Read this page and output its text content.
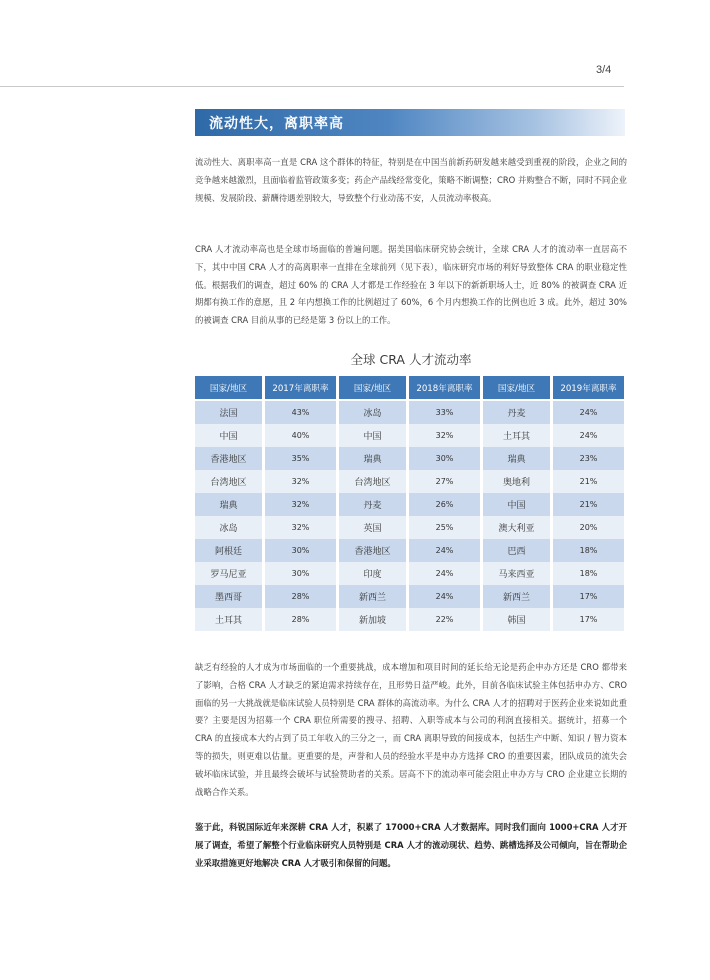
3/4
流动性大，离职率高

流动性大、离职率高一直是 CRA 这个群体的特征，特别是在中国当前新药研发越来越受到重视的阶段，企业之间的竞争越来越激烈，且面临着监管政策多变；药企产品线经常变化，策略不断调整；CRO 并购整合不断，同时不同企业规模、发展阶段、薪酬待遇差别较大，导致整个行业动荡不安，人员流动率极高。

CRA 人才流动率高也是全球市场面临的普遍问题。据美国临床研究协会统计，全球 CRA 人才的流动率一直居高不下，其中中国 CRA 人才的高离职率一直排在全球前列（见下表），临床研究市场的利好导致整体 CRA 的职业稳定性低。根据我们的调查，超过 60% 的 CRA 人才都是工作经验在 3 年以下的新新职场人士，近 80% 的被调查 CRA 近期都有换工作的意愿，且 2 年内想换工作的比例超过了 60%，6 个月内想换工作的比例也近 3 成。此外，超过 30% 的被调查 CRA 目前从事的已经是第 3 份以上的工作。

全球 CRA 人才流动率
国家/地区	2017年离职率	国家/地区	2018年离职率	国家/地区	2019年离职率
法国	43%	冰岛	33%	丹麦	24%
中国	40%	中国	32%	土耳其	24%
香港地区	35%	瑞典	30%	瑞典	23%
台湾地区	32%	台湾地区	27%	奥地利	21%
瑞典	32%	丹麦	26%	中国	21%
冰岛	32%	英国	25%	澳大利亚	20%
阿根廷	30%	香港地区	24%	巴西	18%
罗马尼亚	30%	印度	24%	马来西亚	18%
墨西哥	28%	新西兰	24%	新西兰	17%
土耳其	28%	新加坡	22%	韩国	17%

缺乏有经验的人才成为市场面临的一个重要挑战，成本增加和项目时间的延长给无论是药企申办方还是 CRO 都带来了影响，合格 CRA 人才缺乏的紧迫需求持续存在，且形势日益严峻。此外，目前各临床试验主体包括申办方、CRO 面临的另一大挑战就是临床试验人员特别是 CRA 群体的高流动率。为什么 CRA 人才的招聘对于医药企业来说如此重要？主要是因为招募一个 CRA 职位所需要的搜寻、招聘、入职等成本与公司的利润直接相关。据统计，招募一个 CRA 的直接成本大约占到了员工年收入的三分之一，而 CRA 离职导致的间接成本，包括生产中断、知识 / 智力资本等的损失，则更难以估量。更重要的是，声誉和人员的经验水平是申办方选择 CRO 的重要因素，团队成员的流失会破坏临床试验，并且最终会破坏与试验赞助者的关系。居高不下的流动率可能会阻止申办方与 CRO 企业建立长期的战略合作关系。

鉴于此，科锐国际近年来深耕 CRA 人才，积累了 17000+CRA 人才数据库。同时我们面向 1000+CRA 人才开展了调查，希望了解整个行业临床研究人员特别是 CRA 人才的流动现状、趋势、跳槽选择及公司倾向，旨在帮助企业采取措施更好地解决 CRA 人才吸引和保留的问题。
